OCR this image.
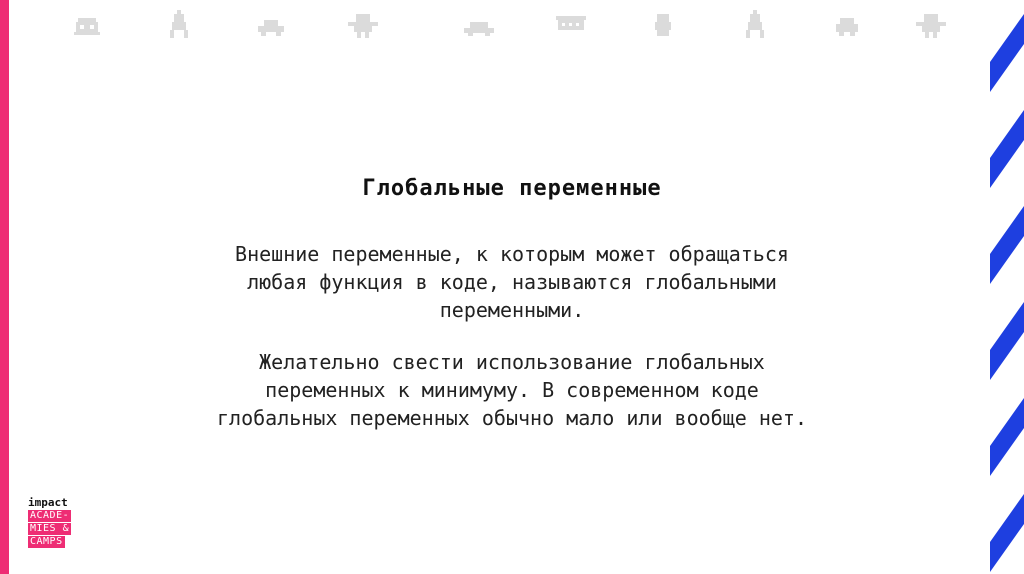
Глобальные переменные
Внешние переменные, к которым может обращаться
любая функция в коде, называются глобальными
переменными.
Желательно свести использование глобальных
переменных к минимуму. В современном коде
глобальных переменных обычно мало или вообще нет.
impact
ACADE-
MIES &
CAMPS
